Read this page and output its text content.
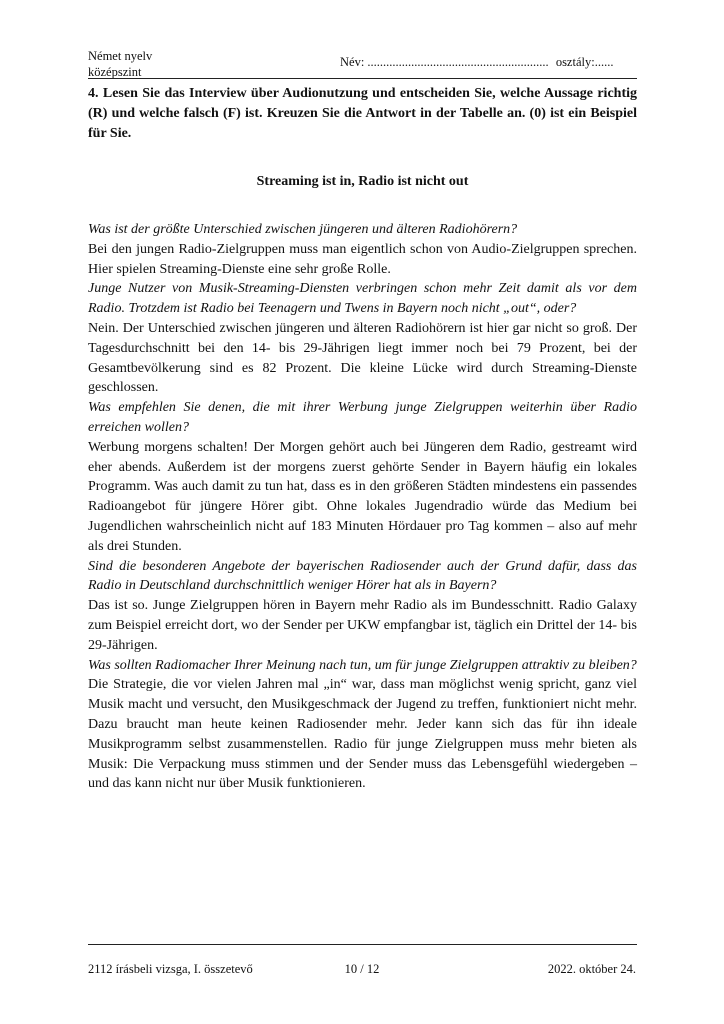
Német nyelv
középszint
Név: .......................................................... osztály:......
4. Lesen Sie das Interview über Audionutzung und entscheiden Sie, welche Aussage richtig (R) und welche falsch (F) ist. Kreuzen Sie die Antwort in der Tabelle an. (0) ist ein Beispiel für Sie.
Streaming ist in, Radio ist nicht out

Was ist der größte Unterschied zwischen jüngeren und älteren Radiohörern?

Bei den jungen Radio-Zielgruppen muss man eigentlich schon von Audio-Zielgruppen sprechen. Hier spielen Streaming-Dienste eine sehr große Rolle.

Junge Nutzer von Musik-Streaming-Diensten verbringen schon mehr Zeit damit als vor dem Radio. Trotzdem ist Radio bei Teenagern und Twens in Bayern noch nicht „out“, oder?

Nein. Der Unterschied zwischen jüngeren und älteren Radiohörern ist hier gar nicht so groß. Der Tagesdurchschnitt bei den 14- bis 29-Jährigen liegt immer noch bei 79 Prozent, bei der Gesamtbevölkerung sind es 82 Prozent. Die kleine Lücke wird durch Streaming-Dienste geschlossen.

Was empfehlen Sie denen, die mit ihrer Werbung junge Zielgruppen weiterhin über Radio erreichen wollen?

Werbung morgens schalten! Der Morgen gehört auch bei Jüngeren dem Radio, gestreamt wird eher abends. Außerdem ist der morgens zuerst gehörte Sender in Bayern häufig ein lokales Programm. Was auch damit zu tun hat, dass es in den größeren Städten mindestens ein passendes Radioangebot für jüngere Hörer gibt. Ohne lokales Jugendradio würde das Medium bei Jugendlichen wahrscheinlich nicht auf 183 Minuten Hördauer pro Tag kommen – also auf mehr als drei Stunden.

Sind die besonderen Angebote der bayerischen Radiosender auch der Grund dafür, dass das Radio in Deutschland durchschnittlich weniger Hörer hat als in Bayern?

Das ist so. Junge Zielgruppen hören in Bayern mehr Radio als im Bundesschnitt. Radio Galaxy zum Beispiel erreicht dort, wo der Sender per UKW empfangbar ist, täglich ein Drittel der 14- bis 29-Jährigen.

Was sollten Radiomacher Ihrer Meinung nach tun, um für junge Zielgruppen attraktiv zu bleiben?

Die Strategie, die vor vielen Jahren mal „in“ war, dass man möglichst wenig spricht, ganz viel Musik macht und versucht, den Musikgeschmack der Jugend zu treffen, funktioniert nicht mehr. Dazu braucht man heute keinen Radiosender mehr. Jeder kann sich das für ihn ideale Musikprogramm selbst zusammenstellen. Radio für junge Zielgruppen muss mehr bieten als Musik: Die Verpackung muss stimmen und der Sender muss das Lebensgefühl wiedergeben – und das kann nicht nur über Musik funktionieren.

2112 írásbeli vizsga, I. összetevő	10 / 12	2022. október 24.
